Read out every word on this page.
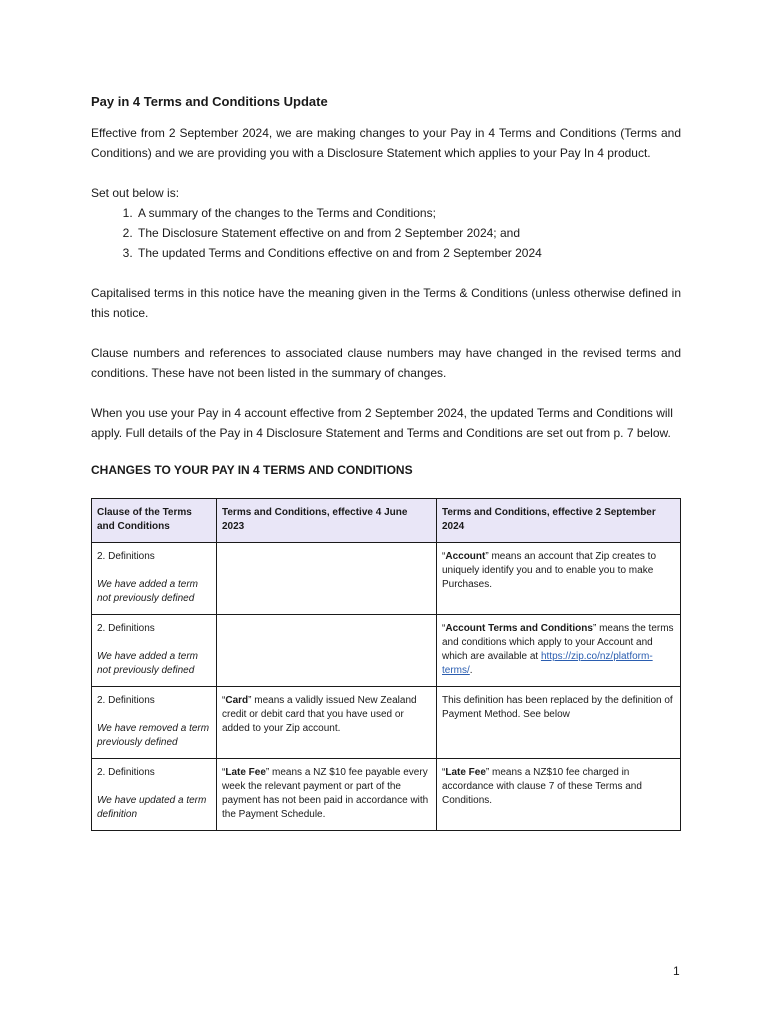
Pay in 4 Terms and Conditions Update

Effective from 2 September 2024, we are making changes to your Pay in 4 Terms and Conditions (Terms and Conditions) and we are providing you with a Disclosure Statement which applies to your Pay In 4 product.

Set out below is:

1. A summary of the changes to the Terms and Conditions;
2. The Disclosure Statement effective on and from 2 September 2024; and
3. The updated Terms and Conditions effective on and from 2 September 2024

Capitalised terms in this notice have the meaning given in the Terms & Conditions (unless otherwise defined in this notice.

Clause numbers and references to associated clause numbers may have changed in the revised terms and conditions. These have not been listed in the summary of changes.

When you use your Pay in 4 account effective from 2 September 2024, the updated Terms and Conditions will apply. Full details of the Pay in 4 Disclosure Statement and Terms and Conditions are set out from p. 7 below.

CHANGES TO YOUR PAY IN 4 TERMS AND CONDITIONS
Clause of the Terms and Conditions	Terms and Conditions, effective 4 June 2023	Terms and Conditions, effective 2 September 2024
2. Definitions
We have added a term not previously defined		“Account” means an account that Zip creates to uniquely identify you and to enable you to make Purchases.
2. Definitions
We have added a term not previously defined		“Account Terms and Conditions” means the terms and conditions which apply to your Account and which are available at https://zip.co/nz/platform-terms/.
2. Definitions
We have removed a term previously defined	“Card” means a validly issued New Zealand credit or debit card that you have used or added to your Zip account.	This definition has been replaced by the definition of Payment Method. See below
2. Definitions
We have updated a term definition	“Late Fee” means a NZ $10 fee payable every week the relevant payment or part of the payment has not been paid in accordance with the Payment Schedule.	“Late Fee” means a NZ$10 fee charged in accordance with clause 7 of these Terms and Conditions.
1
